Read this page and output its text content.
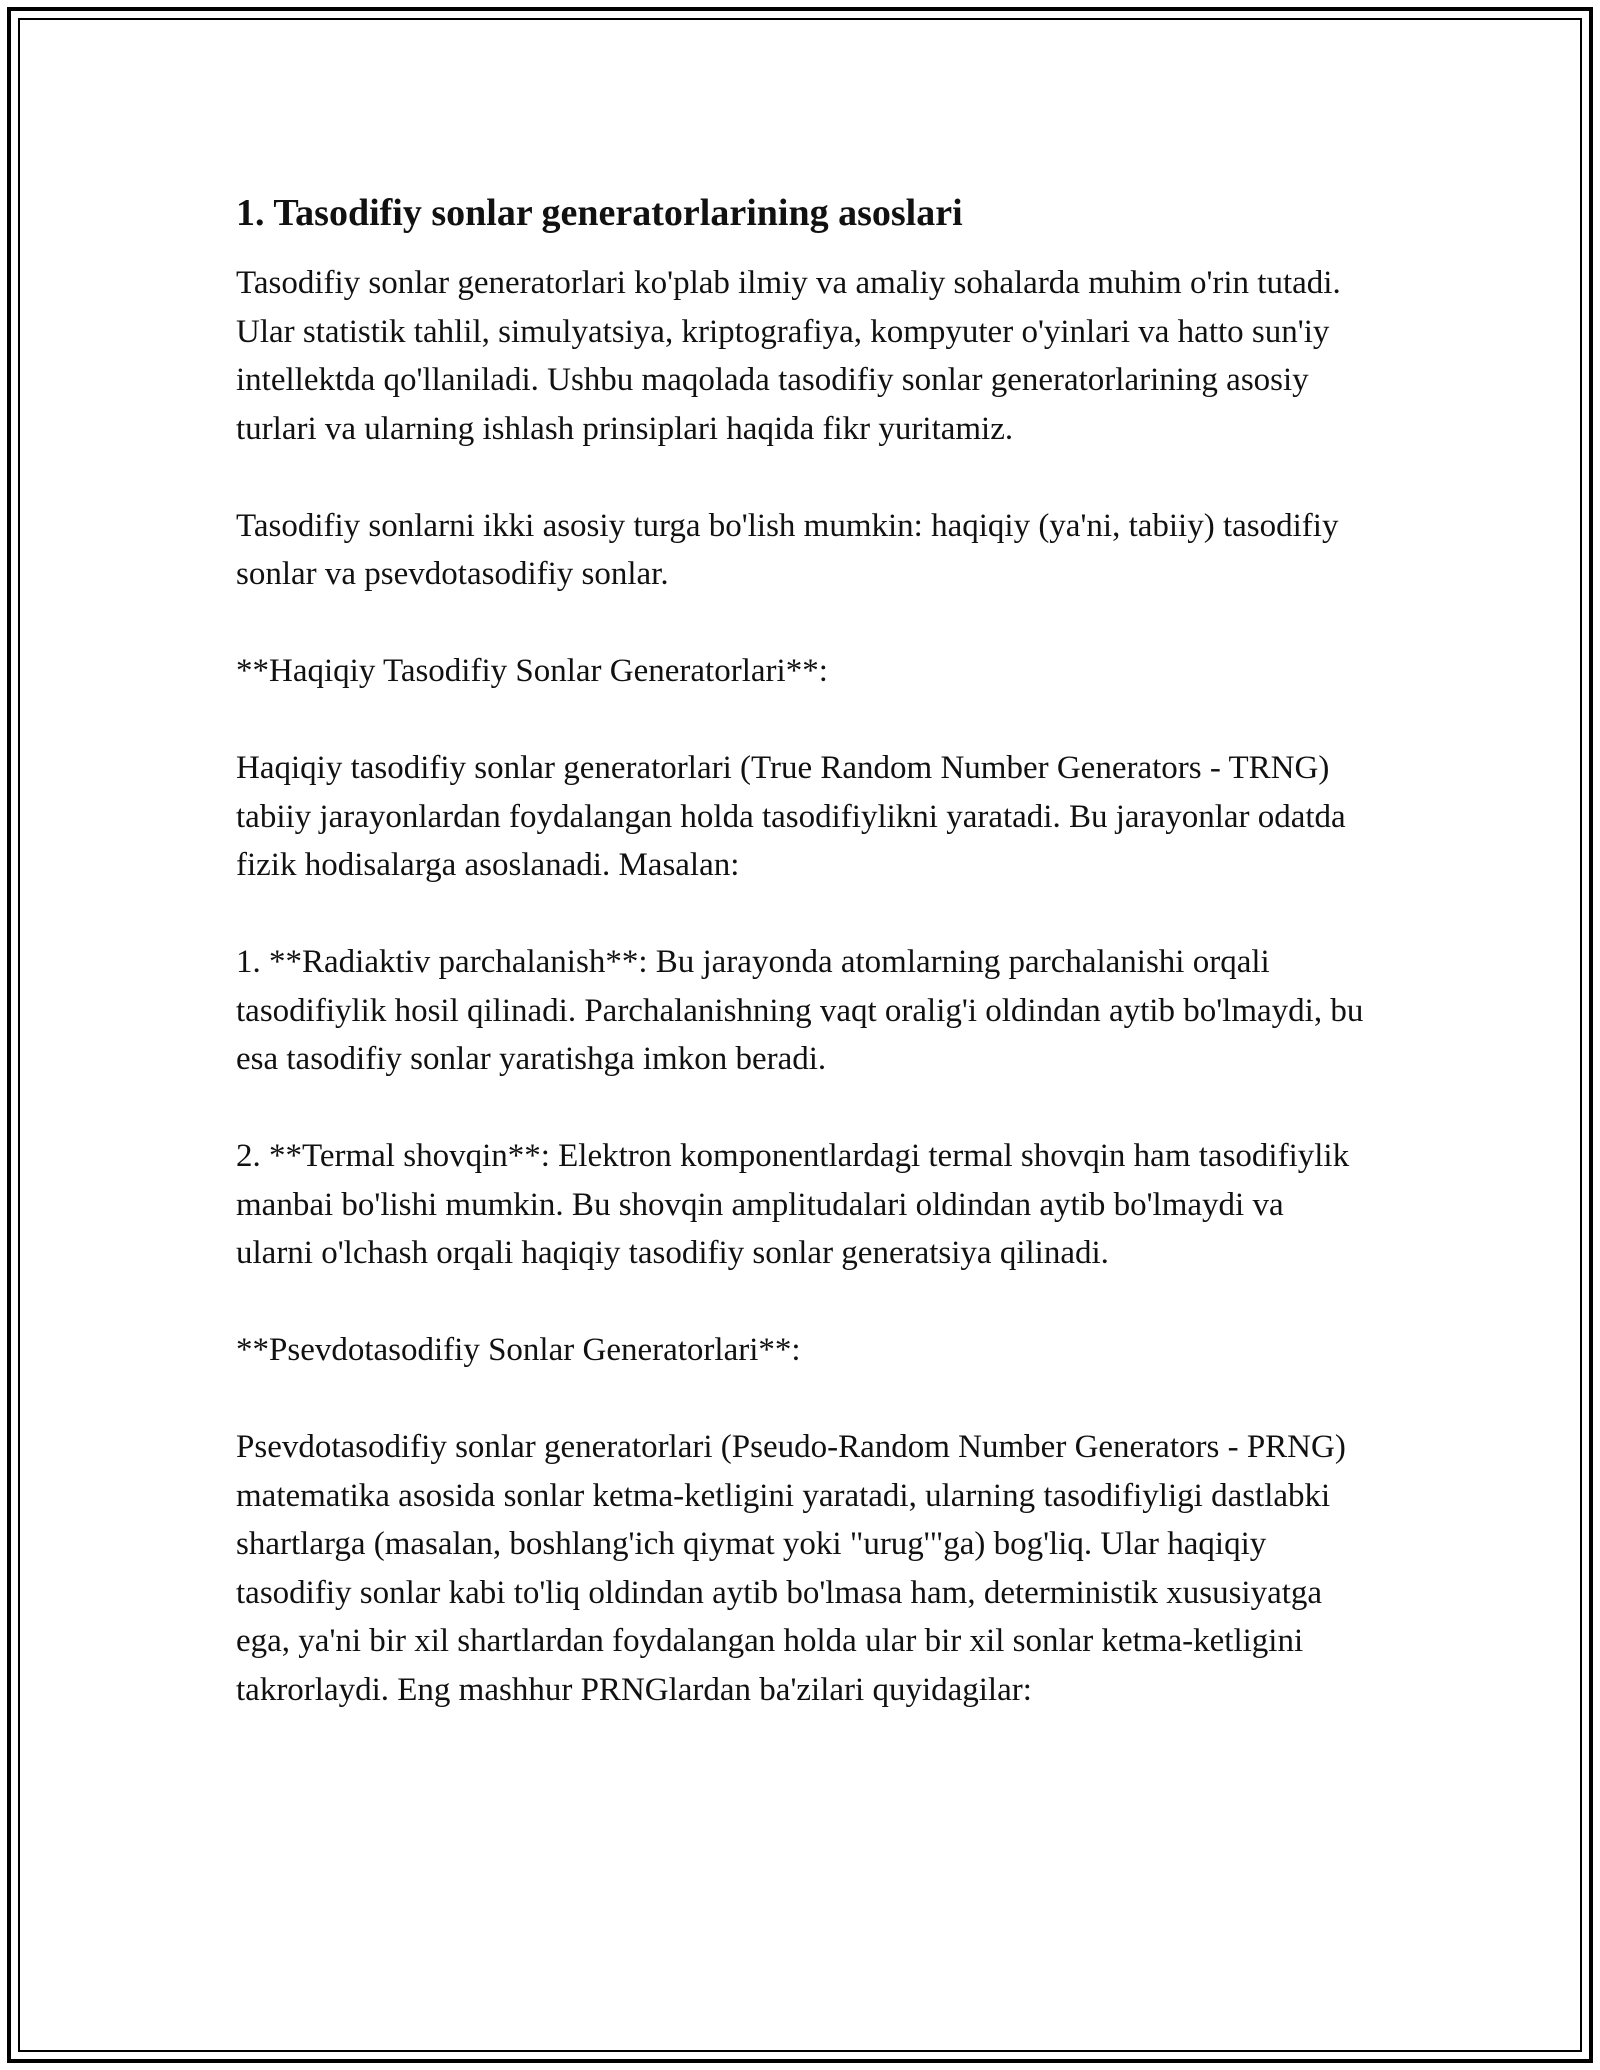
1. Tasodifiy sonlar generatorlarining asoslari

Tasodifiy sonlar generatorlari ko'plab ilmiy va amaliy sohalarda muhim o'rin tutadi. Ular statistik tahlil, simulyatsiya, kriptografiya, kompyuter o'yinlari va hatto sun'iy intellektda qo'llaniladi. Ushbu maqolada tasodifiy sonlar generatorlarining asosiy turlari va ularning ishlash prinsiplari haqida fikr yuritamiz.

Tasodifiy sonlarni ikki asosiy turga bo'lish mumkin: haqiqiy (ya'ni, tabiiy) tasodifiy sonlar va psevdotasodifiy sonlar.

**Haqiqiy Tasodifiy Sonlar Generatorlari**:

Haqiqiy tasodifiy sonlar generatorlari (True Random Number Generators - TRNG) tabiiy jarayonlardan foydalangan holda tasodifiylikni yaratadi. Bu jarayonlar odatda fizik hodisalarga asoslanadi. Masalan:

1. **Radiaktiv parchalanish**: Bu jarayonda atomlarning parchalanishi orqali tasodifiylik hosil qilinadi. Parchalanishning vaqt oralig'i oldindan aytib bo'lmaydi, bu esa tasodifiy sonlar yaratishga imkon beradi.

2. **Termal shovqin**: Elektron komponentlardagi termal shovqin ham tasodifiylik manbai bo'lishi mumkin. Bu shovqin amplitudalari oldindan aytib bo'lmaydi va ularni o'lchash orqali haqiqiy tasodifiy sonlar generatsiya qilinadi.

**Psevdotasodifiy Sonlar Generatorlari**:

Psevdotasodifiy sonlar generatorlari (Pseudo-Random Number Generators - PRNG) matematika asosida sonlar ketma-ketligini yaratadi, ularning tasodifiyligi dastlabki shartlarga (masalan, boshlang'ich qiymat yoki "urug'"ga) bog'liq. Ular haqiqiy tasodifiy sonlar kabi to'liq oldindan aytib bo'lmasa ham, deterministik xususiyatga ega, ya'ni bir xil shartlardan foydalangan holda ular bir xil sonlar ketma-ketligini takrorlaydi. Eng mashhur PRNGlardan ba'zilari quyidagilar:
